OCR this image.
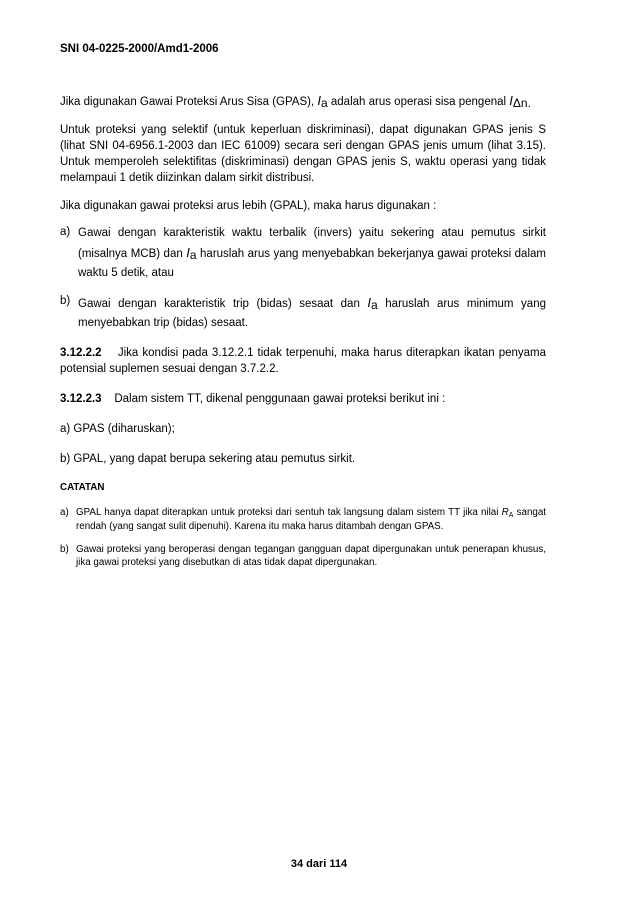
SNI 04-0225-2000/Amd1-2006

Jika digunakan Gawai Proteksi Arus Sisa (GPAS), Ia adalah arus operasi sisa pengenal IΔn.

Untuk proteksi yang selektif (untuk keperluan diskriminasi), dapat digunakan GPAS jenis S (lihat SNI 04-6956.1-2003 dan IEC 61009) secara seri dengan GPAS jenis umum (lihat 3.15). Untuk memperoleh selektifitas (diskriminasi) dengan GPAS jenis S, waktu operasi yang tidak melampaui 1 detik diizinkan dalam sirkit distribusi.

Jika digunakan gawai proteksi arus lebih (GPAL), maka harus digunakan :

a) Gawai dengan karakteristik waktu terbalik (invers) yaitu sekering atau pemutus sirkit (misalnya MCB) dan Ia haruslah arus yang menyebabkan bekerjanya gawai proteksi dalam waktu 5 detik, atau
b) Gawai dengan karakteristik trip (bidas) sesaat dan Ia haruslah arus minimum yang menyebabkan trip (bidas) sesaat.

3.12.2.2 Jika kondisi pada 3.12.2.1 tidak terpenuhi, maka harus diterapkan ikatan penyama potensial suplemen sesuai dengan 3.7.2.2.

3.12.2.3 Dalam sistem TT, dikenal penggunaan gawai proteksi berikut ini :

a) GPAS (diharuskan);

b) GPAL, yang dapat berupa sekering atau pemutus sirkit.

CATATAN

a) GPAL hanya dapat diterapkan untuk proteksi dari sentuh tak langsung dalam sistem TT jika nilai $R_A$ sangat rendah (yang sangat sulit dipenuhi). Karena itu maka harus ditambah dengan GPAS.
b) Gawai proteksi yang beroperasi dengan tegangan gangguan dapat dipergunakan untuk penerapan khusus, jika gawai proteksi yang disebutkan di atas tidak dapat dipergunakan.
34 dari 114
